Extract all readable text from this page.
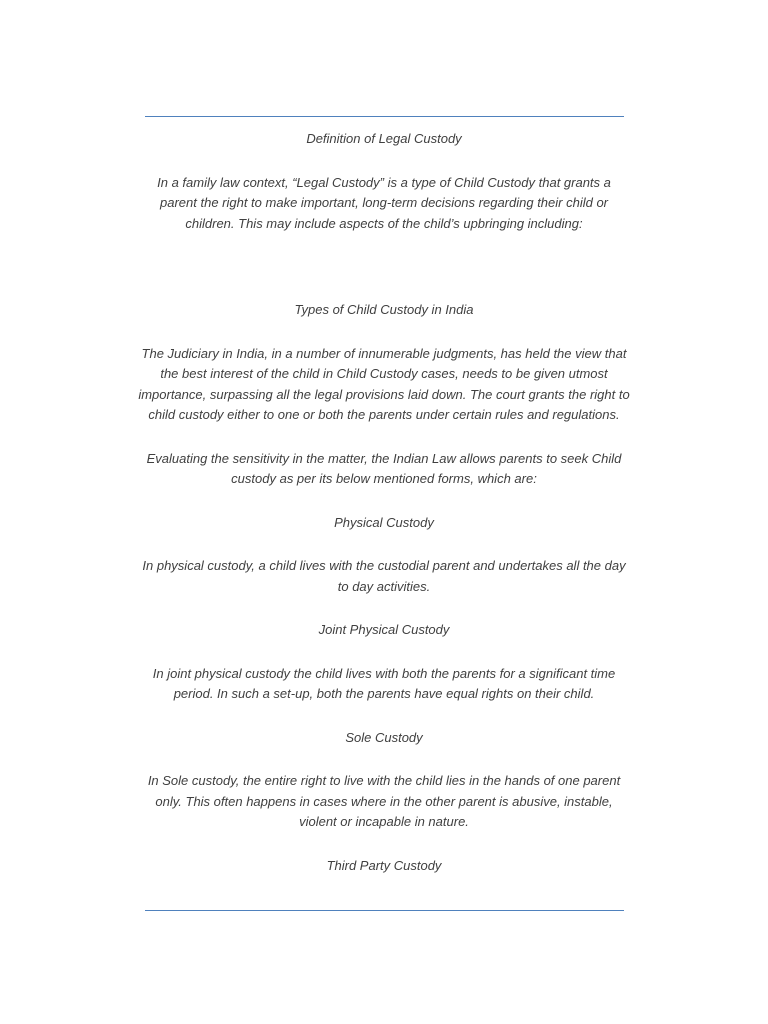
Definition of Legal Custody

In a family law context, “Legal Custody” is a type of Child Custody that grants a parent the right to make important, long-term decisions regarding their child or children. This may include aspects of the child’s upbringing including:

Types of Child Custody in India

The Judiciary in India, in a number of innumerable judgments, has held the view that the best interest of the child in Child Custody cases, needs to be given utmost importance, surpassing all the legal provisions laid down. The court grants the right to child custody either to one or both the parents under certain rules and regulations.

Evaluating the sensitivity in the matter, the Indian Law allows parents to seek Child custody as per its below mentioned forms, which are:

Physical Custody

In physical custody, a child lives with the custodial parent and undertakes all the day to day activities.

Joint Physical Custody

In joint physical custody the child lives with both the parents for a significant time period. In such a set-up, both the parents have equal rights on their child.

Sole Custody

In Sole custody, the entire right to live with the child lies in the hands of one parent only. This often happens in cases where in the other parent is abusive, instable, violent or incapable in nature.

Third Party Custody
